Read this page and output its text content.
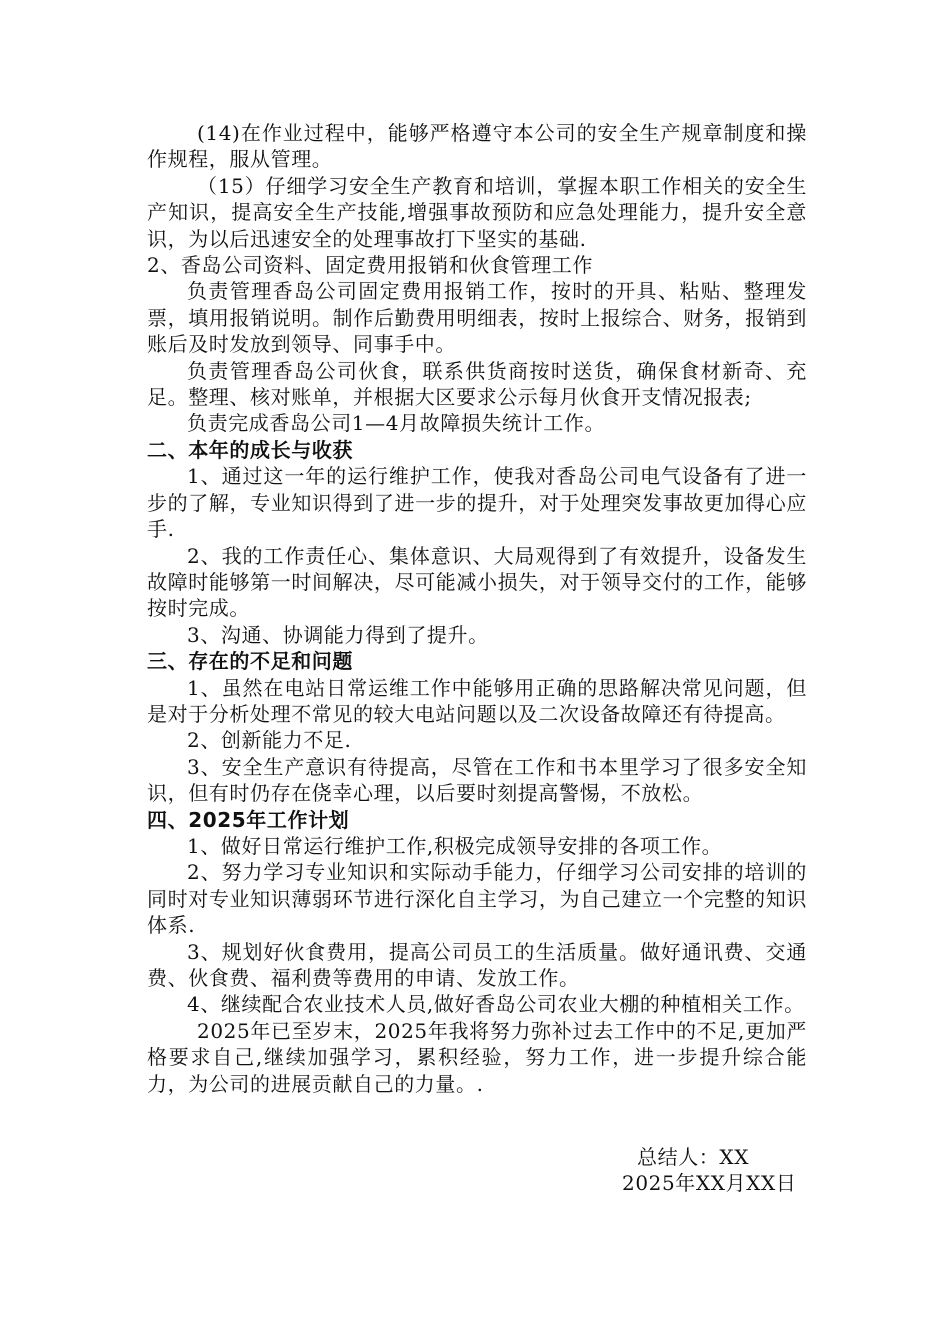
(14)在作业过程中，能够严格遵守本公司的安全生产规章制度和操作规程，服从管理。

（15）仔细学习安全生产教育和培训，掌握本职工作相关的安全生产知识，提高安全生产技能,增强事故预防和应急处理能力，提升安全意识，为以后迅速安全的处理事故打下坚实的基础.

2、香岛公司资料、固定费用报销和伙食管理工作

负责管理香岛公司固定费用报销工作，按时的开具、粘贴、整理发票，填用报销说明。制作后勤费用明细表，按时上报综合、财务，报销到账后及时发放到领导、同事手中。

负责管理香岛公司伙食，联系供货商按时送货，确保食材新奇、充足。整理、核对账单，并根据大区要求公示每月伙食开支情况报表;

负责完成香岛公司1—4月故障损失统计工作。

二、本年的成长与收获

1、通过这一年的运行维护工作，使我对香岛公司电气设备有了进一步的了解，专业知识得到了进一步的提升，对于处理突发事故更加得心应手.

2、我的工作责任心、集体意识、大局观得到了有效提升，设备发生故障时能够第一时间解决，尽可能减小损失，对于领导交付的工作，能够按时完成。

3、沟通、协调能力得到了提升。

三、存在的不足和问题

1、虽然在电站日常运维工作中能够用正确的思路解决常见问题，但是对于分析处理不常见的较大电站问题以及二次设备故障还有待提高。

2、创新能力不足.

3、安全生产意识有待提高，尽管在工作和书本里学习了很多安全知识，但有时仍存在侥幸心理，以后要时刻提高警惕，不放松。

四、2025年工作计划

1、做好日常运行维护工作,积极完成领导安排的各项工作。

2、努力学习专业知识和实际动手能力，仔细学习公司安排的培训的同时对专业知识薄弱环节进行深化自主学习，为自己建立一个完整的知识体系.

3、规划好伙食费用，提高公司员工的生活质量。做好通讯费、交通费、伙食费、福利费等费用的申请、发放工作。

4、继续配合农业技术人员,做好香岛公司农业大棚的种植相关工作。

2025年已至岁末，2025年我将努力弥补过去工作中的不足,更加严格要求自己,继续加强学习，累积经验，努力工作，进一步提升综合能力，为公司的进展贡献自己的力量。.

总结人：XX
2025年XX月XX日
